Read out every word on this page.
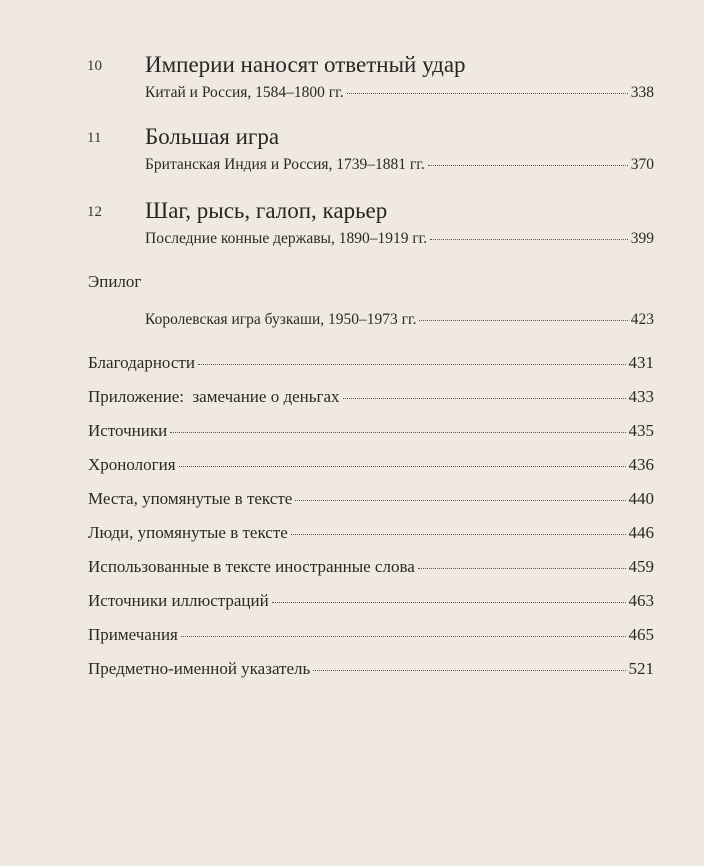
10 Империи наносят ответный удар
Китай и Россия, 1584–1800 гг.	338
11 Большая игра
Британская Индия и Россия, 1739–1881 гг.	370
12 Шаг, рысь, галоп, карьер
Последние конные державы, 1890–1919 гг.	399
Эпилог
Королевская игра бузкаши, 1950–1973 гг.	423
Благодарности	431
Приложение:  замечание о деньгах	433
Источники	435
Хронология	436
Места, упомянутые в тексте	440
Люди, упомянутые в тексте	446
Использованные в тексте иностранные слова	459
Источники иллюстраций	463
Примечания	465
Предметно-именной указатель	521
